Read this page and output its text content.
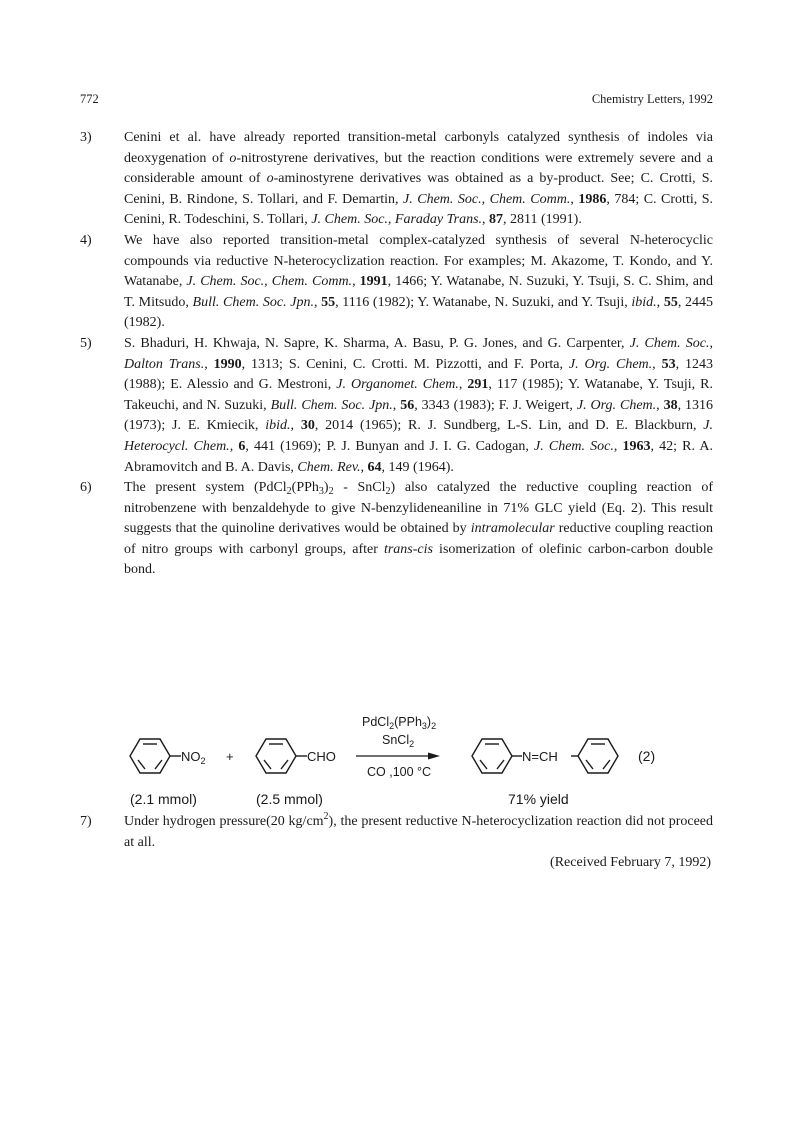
772	Chemistry Letters, 1992
3)	Cenini et al. have already reported transition-metal carbonyls catalyzed synthesis of indoles via deoxygenation of o-nitrostyrene derivatives, but the reaction conditions were extremely severe and a considerable amount of o-aminostyrene derivatives was obtained as a by-product. See; C. Crotti, S. Cenini, B. Rindone, S. Tollari, and F. Demartin, J. Chem. Soc., Chem. Comm., 1986, 784; C. Crotti, S. Cenini, R. Todeschini, S. Tollari, J. Chem. Soc., Faraday Trans., 87, 2811 (1991).
4)	We have also reported transition-metal complex-catalyzed synthesis of several N-heterocyclic compounds via reductive N-heterocyclization reaction. For examples; M. Akazome, T. Kondo, and Y. Watanabe, J. Chem. Soc., Chem. Comm., 1991, 1466; Y. Watanabe, N. Suzuki, Y. Tsuji, S. C. Shim, and T. Mitsudo, Bull. Chem. Soc. Jpn., 55, 1116 (1982); Y. Watanabe, N. Suzuki, and Y. Tsuji, ibid., 55, 2445 (1982).
5)	S. Bhaduri, H. Khwaja, N. Sapre, K. Sharma, A. Basu, P. G. Jones, and G. Carpenter, J. Chem. Soc., Dalton Trans., 1990, 1313; S. Cenini, C. Crotti. M. Pizzotti, and F. Porta, J. Org. Chem., 53, 1243 (1988); E. Alessio and G. Mestroni, J. Organomet. Chem., 291, 117 (1985); Y. Watanabe, Y. Tsuji, R. Takeuchi, and N. Suzuki, Bull. Chem. Soc. Jpn., 56, 3343 (1983); F. J. Weigert, J. Org. Chem., 38, 1316 (1973); J. E. Kmiecik, ibid., 30, 2014 (1965); R. J. Sundberg, L-S. Lin, and D. E. Blackburn, J. Heterocycl. Chem., 6, 441 (1969); P. J. Bunyan and J. I. G. Cadogan, J. Chem. Soc., 1963, 42; R. A. Abramovitch and B. A. Davis, Chem. Rev., 64, 149 (1964).
6)	The present system ($PdCl_2(PPh_3)_2$ - SnCl$_2$) also catalyzed the reductive coupling reaction of nitrobenzene with benzaldehyde to give N-benzylideneaniline in 71% GLC yield (Eq. 2). This result suggests that the quinoline derivatives would be obtained by intramolecular reductive coupling reaction of nitro groups with carbonyl groups, after trans-cis isomerization of olefinic carbon-carbon double bond.
$NO_2$ +	CHO
$PdCl_2(PPh_3)_2$
SnCl$_2$
CO ,100 °C
N=CH	(2)
(2.1 mmol)	(2.5 mmol)	71% yield
7)	Under hydrogen pressure(20 $kg/cm^2$), the present reductive N-heterocyclization reaction did not proceed at all.
(Received February 7, 1992)
